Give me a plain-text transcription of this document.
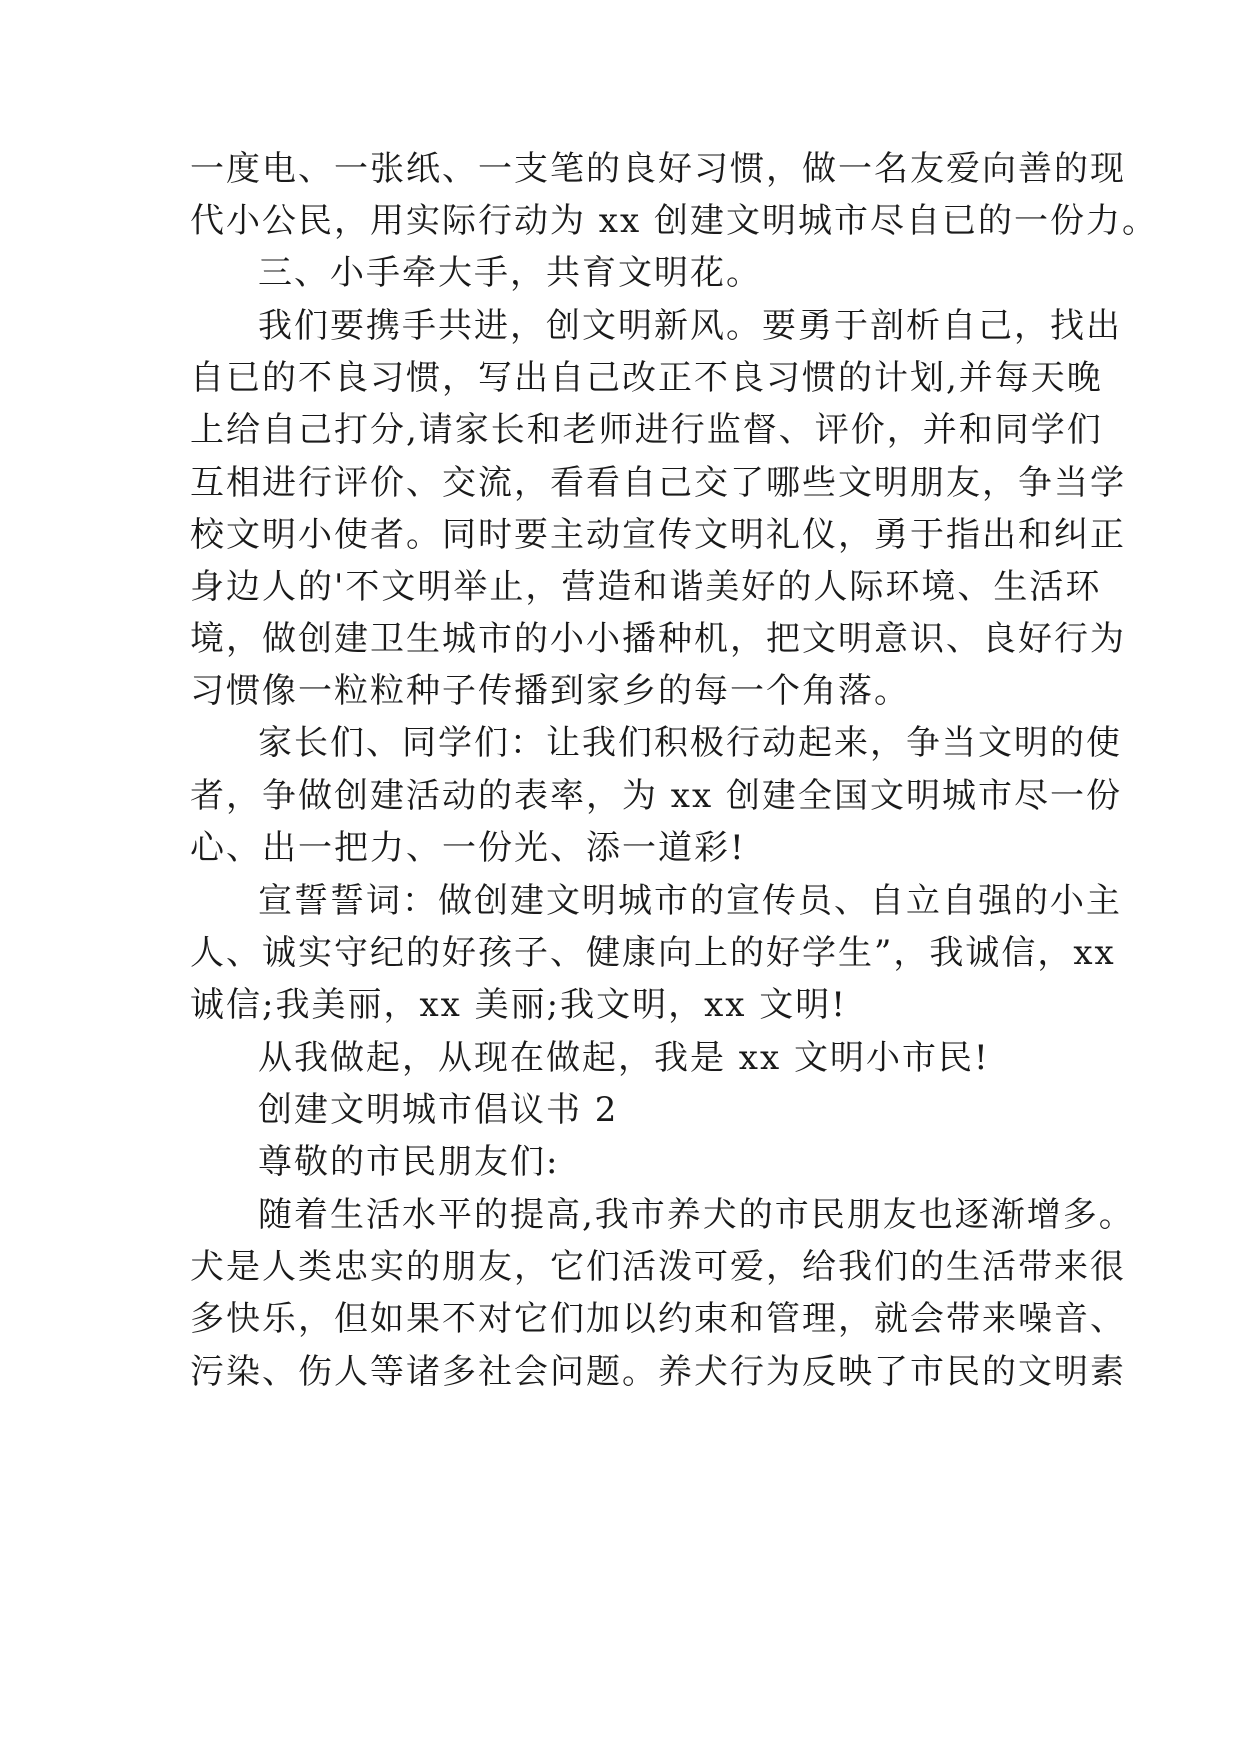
一度电、一张纸、一支笔的良好习惯，做一名友爱向善的现
代小公民，用实际行动为 xx 创建文明城市尽自已的一份力。
三、小手牵大手，共育文明花。
我们要携手共进，创文明新风。要勇于剖析自己，找出
自已的不良习惯，写出自己改正不良习惯的计划,并每天晚
上给自己打分,请家长和老师进行监督、评价，并和同学们
互相进行评价、交流，看看自己交了哪些文明朋友，争当学
校文明小使者。同时要主动宣传文明礼仪，勇于指出和纠正
身边人的'不文明举止，营造和谐美好的人际环境、生活环
境，做创建卫生城市的小小播种机，把文明意识、良好行为
习惯像一粒粒种子传播到家乡的每一个角落。
家长们、同学们：让我们积极行动起来，争当文明的使
者，争做创建活动的表率，为 xx 创建全国文明城市尽一份
心、出一把力、一份光、添一道彩!
宣誓誓词：做创建文明城市的宣传员、自立自强的小主
人、诚实守纪的好孩子、健康向上的好学生”，我诚信，xx
诚信;我美丽，xx 美丽;我文明，xx 文明!
从我做起，从现在做起，我是 xx 文明小市民!
创建文明城市倡议书 2
尊敬的市民朋友们:
随着生活水平的提高,我市养犬的市民朋友也逐渐增多。
犬是人类忠实的朋友，它们活泼可爱，给我们的生活带来很
多快乐，但如果不对它们加以约束和管理，就会带来噪音、
污染、伤人等诸多社会问题。养犬行为反映了市民的文明素
